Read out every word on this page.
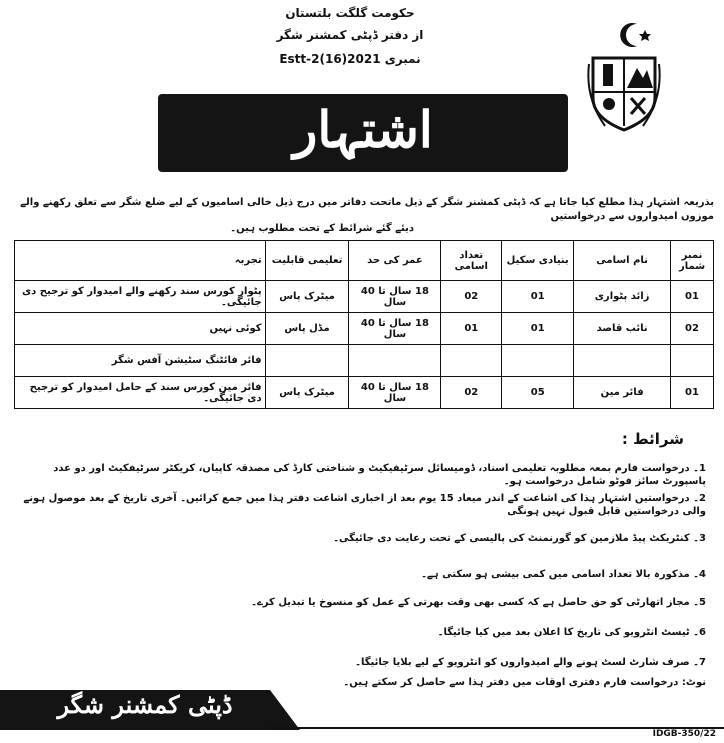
حکومت گلگت بلتستان
از دفتر ڈپٹی کمشنر شگر
Estt-2(16)2021 نمبری
اشتہار
بذریعہ اشتہار ہذا مطلع کیا جاتا ہے کہ ڈپٹی کمشنر شگر کے ذیل ماتحت دفاتر میں درج ذیل خالی اسامیوں کے لیے ضلع شگر سے تعلق رکھنے والے موزوں امیدواروں سے درخواستیں
دیئے گئے شرائط کے تحت مطلوب ہیں۔
نمبر شمار	نام اسامی	بنیادی سکیل	تعداد اسامی	عمر کی حد	تعلیمی قابلیت	تجربہ
01	زائد پٹواری	01	02	18 سال تا 40 سال	میٹرک پاس	پٹوار کورس سند رکھنے والے امیدوار کو ترجیح دی جائیگی۔
02	نائب قاصد	01	01	18 سال تا 40 سال	مڈل پاس	کوئی نہیں
						فائر فائٹنگ سٹیشن آفس شگر
01	فائر مین	05	02	18 سال تا 40 سال	میٹرک پاس	فائر مین کورس سند کے حامل امیدوار کو ترجیح دی جائیگی۔
شرائط :
1۔ درخواست فارم بمعہ مطلوبہ تعلیمی اسناد، ڈومیسائل سرٹیفیکیٹ و شناختی کارڈ کی مصدقہ کاپیاں، کریکٹر سرٹیفکیٹ اور دو عدد پاسپورٹ سائز فوٹو شامل درخواست ہو۔
2۔ درخواستیں اشتہار ہذا کی اشاعت کے اندر میعاد 15 یوم بعد از اخباری اشاعت دفتر ہذا میں جمع کرائیں۔ آخری تاریخ کے بعد موصول ہونے والی درخواستیں قابل قبول نہیں ہونگی
3۔ کنٹریکٹ پیڈ ملازمین کو گورنمنٹ کی پالیسی کے تحت رعایت دی جائیگی۔
4۔ مذکورہ بالا تعداد اسامی میں کمی بیشی ہو سکتی ہے۔
5۔ مجاز اتھارٹی کو حق حاصل ہے کہ کسی بھی وقت بھرتی کے عمل کو منسوخ یا تبدیل کرے۔
6۔ ٹیسٹ انٹرویو کی تاریخ کا اعلان بعد میں کیا جائیگا۔
7۔ صرف شارٹ لسٹ ہونے والے امیدواروں کو انٹرویو کے لیے بلایا جائیگا۔
نوٹ: درخواست فارم دفتری اوقات میں دفتر ہذا سے حاصل کر سکتے ہیں۔
ڈپٹی کمشنر شگر
IDGB-350/22
